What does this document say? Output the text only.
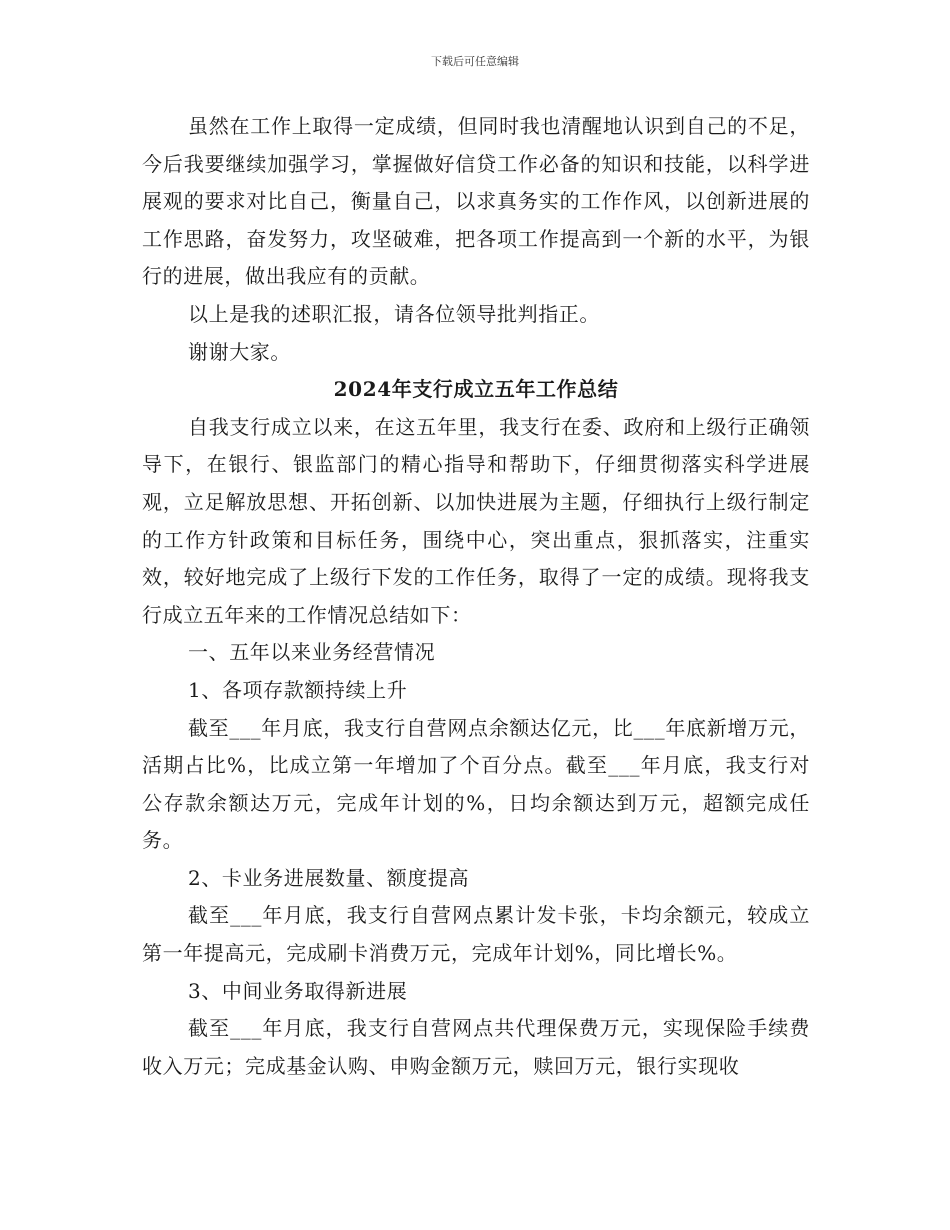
下载后可任意编辑

虽然在工作上取得一定成绩，但同时我也清醒地认识到自己的不足，今后我要继续加强学习，掌握做好信贷工作必备的知识和技能，以科学进展观的要求对比自己，衡量自己，以求真务实的工作作风，以创新进展的工作思路，奋发努力，攻坚破难，把各项工作提高到一个新的水平，为银行的进展，做出我应有的贡献。

以上是我的述职汇报，请各位领导批判指正。

谢谢大家。

2024年支行成立五年工作总结

自我支行成立以来，在这五年里，我支行在委、政府和上级行正确领导下，在银行、银监部门的精心指导和帮助下，仔细贯彻落实科学进展观，立足解放思想、开拓创新、以加快进展为主题，仔细执行上级行制定的工作方针政策和目标任务，围绕中心，突出重点，狠抓落实，注重实效，较好地完成了上级行下发的工作任务，取得了一定的成绩。现将我支行成立五年来的工作情况总结如下：

一、五年以来业务经营情况

1、各项存款额持续上升

截至___年月底，我支行自营网点余额达亿元，比___年底新增万元，活期占比%，比成立第一年增加了个百分点。截至___年月底，我支行对公存款余额达万元，完成年计划的%，日均余额达到万元，超额完成任务。

2、卡业务进展数量、额度提高

截至___年月底，我支行自营网点累计发卡张，卡均余额元，较成立第一年提高元，完成刷卡消费万元，完成年计划%，同比增长%。

3、中间业务取得新进展

截至___年月底，我支行自营网点共代理保费万元，实现保险手续费收入万元；完成基金认购、申购金额万元，赎回万元，银行实现收
